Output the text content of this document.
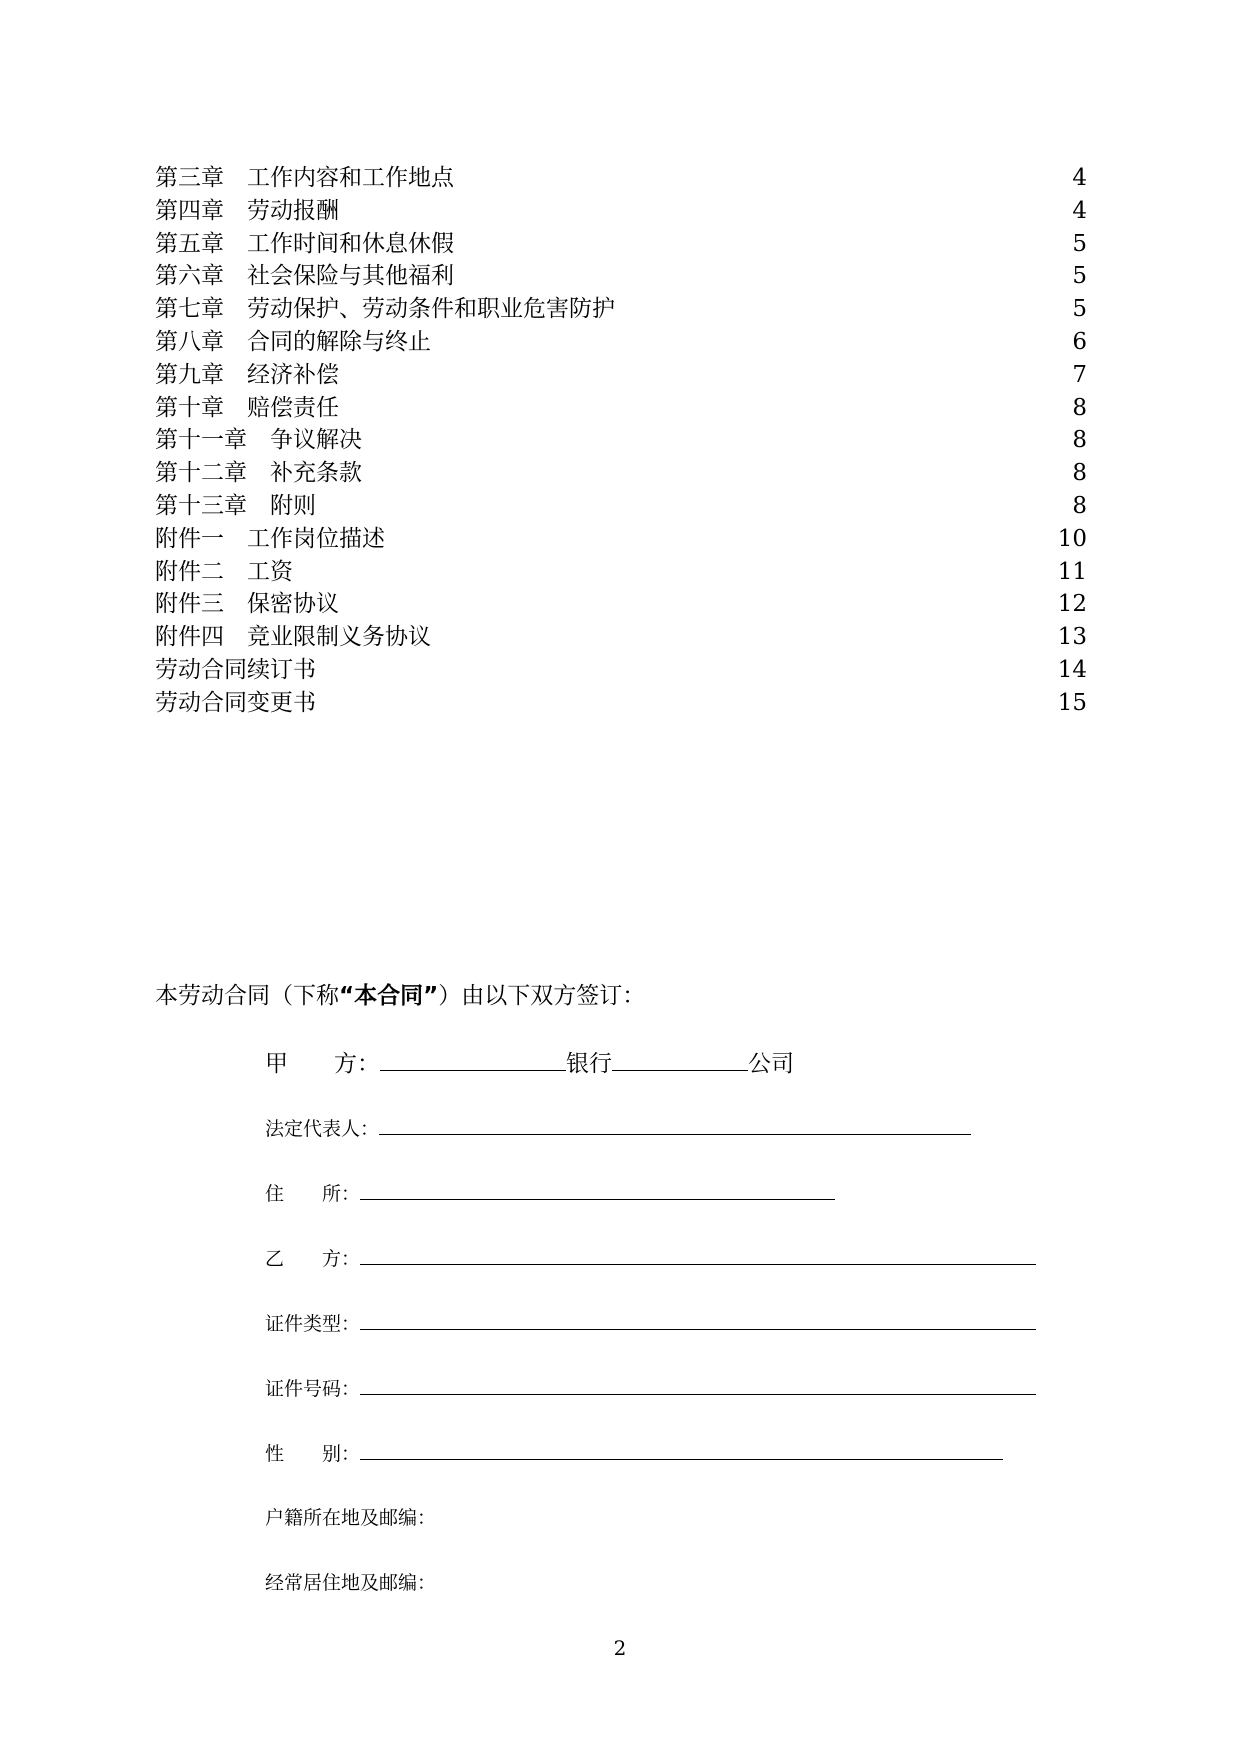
第三章　工作内容和工作地点	4
第四章　劳动报酬	4
第五章　工作时间和休息休假	5
第六章　社会保险与其他福利	5
第七章　劳动保护、劳动条件和职业危害防护	5
第八章　合同的解除与终止	6
第九章　经济补偿	7
第十章　赔偿责任	8
第十一章　争议解决	8
第十二章　补充条款	8
第十三章　附则	8
附件一　工作岗位描述	10
附件二　工资	11
附件三　保密协议	12
附件四　竞业限制义务协议	13
劳动合同续订书	14
劳动合同变更书	15
本劳动合同（下称“本合同”）由以下双方签订：
甲　　方：	银行	公司
法定代表人：
住　　所：
乙　　方：
证件类型：
证件号码：
性　　别：
户籍所在地及邮编：
经常居住地及邮编：
2
